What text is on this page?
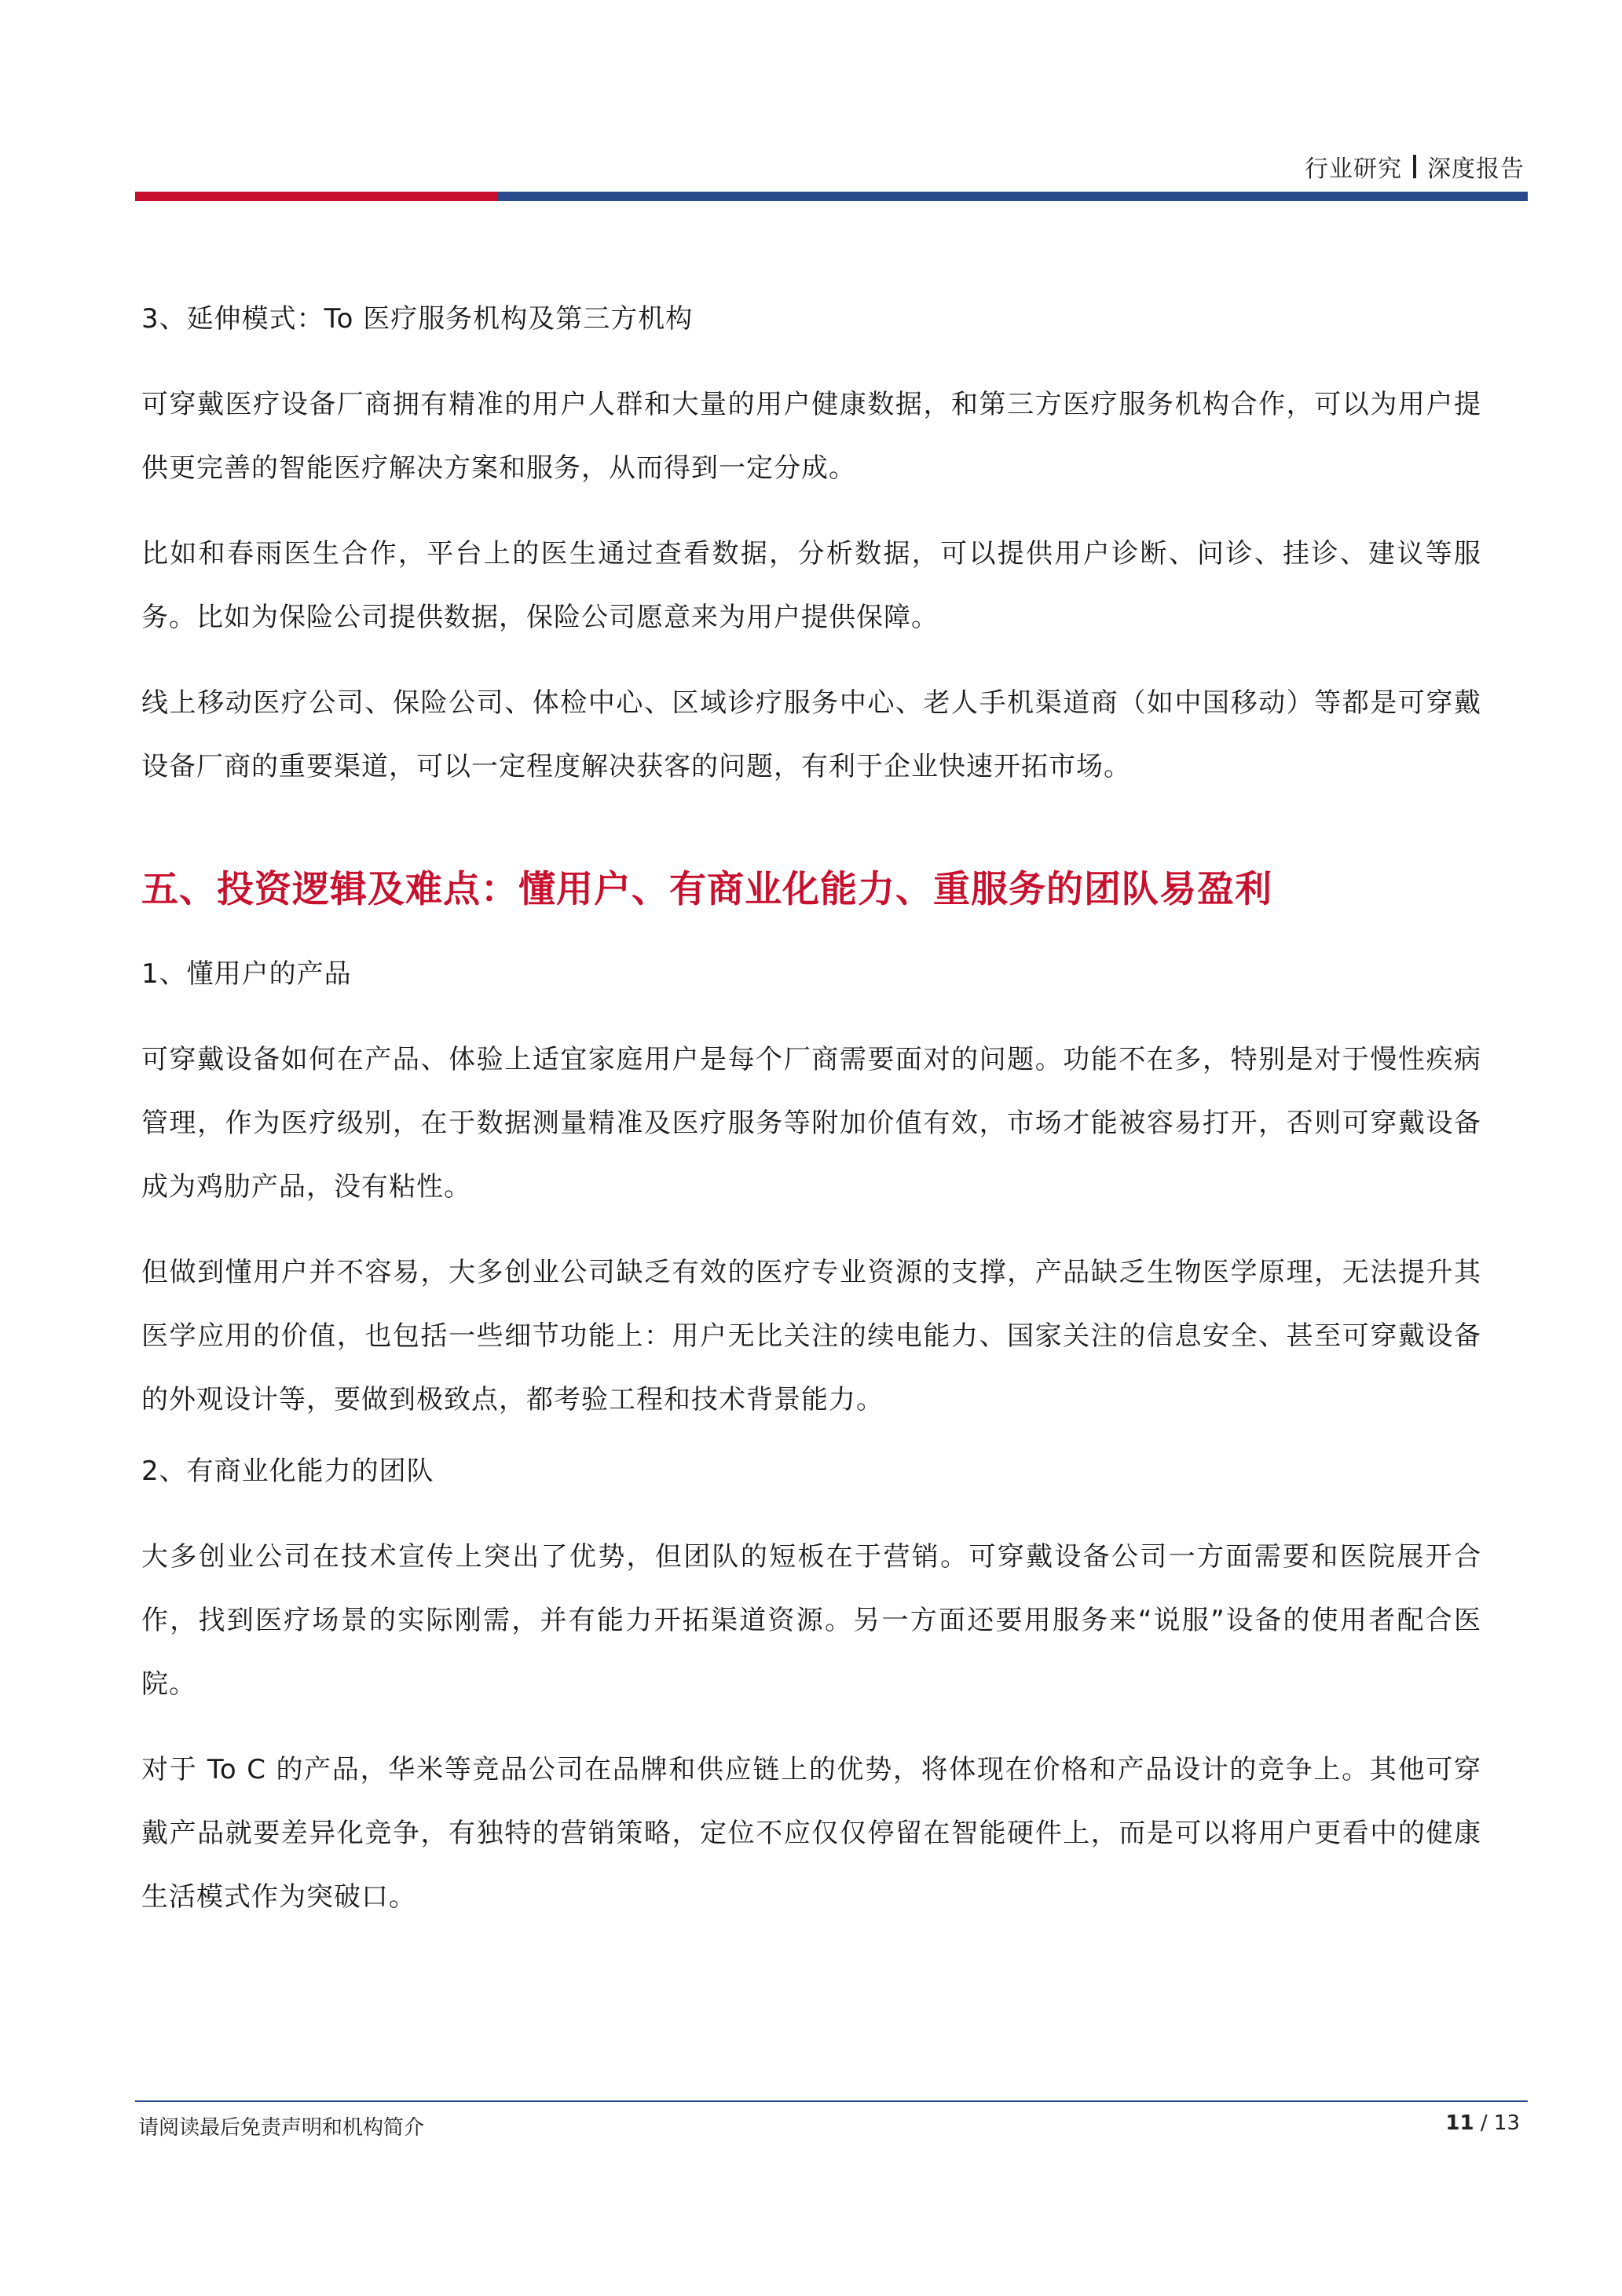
行业研究 深度报告
3、延伸模式：To 医疗服务机构及第三方机构

可穿戴医疗设备厂商拥有精准的用户人群和大量的用户健康数据，和第三方医疗服务机构合作，可以为用户提供更完善的智能医疗解决方案和服务，从而得到一定分成。

比如和春雨医生合作，平台上的医生通过查看数据，分析数据，可以提供用户诊断、问诊、挂诊、建议等服务。比如为保险公司提供数据，保险公司愿意来为用户提供保障。

线上移动医疗公司、保险公司、体检中心、区域诊疗服务中心、老人手机渠道商（如中国移动）等都是可穿戴设备厂商的重要渠道，可以一定程度解决获客的问题，有利于企业快速开拓市场。

五、投资逻辑及难点：懂用户、有商业化能力、重服务的团队易盈利
1、懂用户的产品

可穿戴设备如何在产品、体验上适宜家庭用户是每个厂商需要面对的问题。功能不在多，特别是对于慢性疾病管理，作为医疗级别，在于数据测量精准及医疗服务等附加价值有效，市场才能被容易打开，否则可穿戴设备成为鸡肋产品，没有粘性。

但做到懂用户并不容易，大多创业公司缺乏有效的医疗专业资源的支撑，产品缺乏生物医学原理，无法提升其医学应用的价值，也包括一些细节功能上：用户无比关注的续电能力、国家关注的信息安全、甚至可穿戴设备的外观设计等，要做到极致点，都考验工程和技术背景能力。

2、有商业化能力的团队

大多创业公司在技术宣传上突出了优势，但团队的短板在于营销。可穿戴设备公司一方面需要和医院展开合作，找到医疗场景的实际刚需，并有能力开拓渠道资源。另一方面还要用服务来“说服”设备的使用者配合医院。

对于 To C 的产品，华米等竞品公司在品牌和供应链上的优势，将体现在价格和产品设计的竞争上。其他可穿戴产品就要差异化竞争，有独特的营销策略，定位不应仅仅停留在智能硬件上，而是可以将用户更看中的健康生活模式作为突破口。

请阅读最后免责声明和机构简介	11 / 13
